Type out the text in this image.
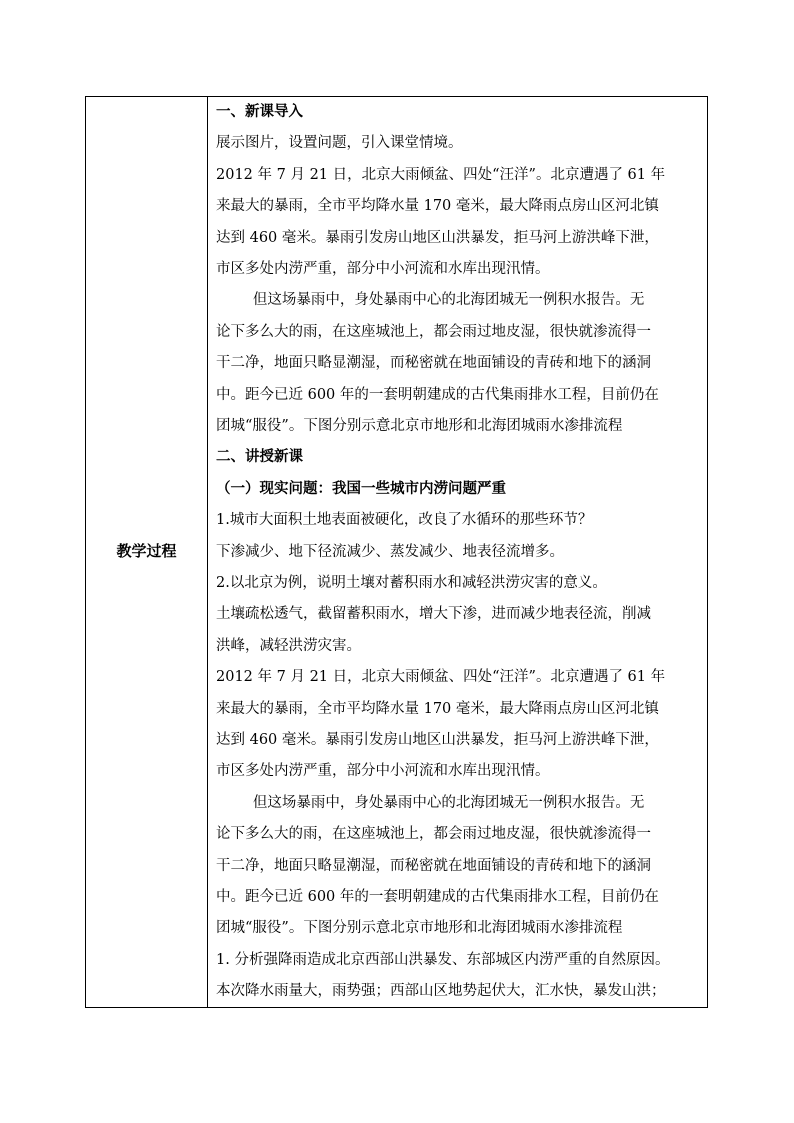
教学过程
一、新课导入
展示图片，设置问题，引入课堂情境。
2012 年 7 月 21 日，北京大雨倾盆、四处“汪洋”。北京遭遇了 61 年
来最大的暴雨，全市平均降水量 170 毫米，最大降雨点房山区河北镇
达到 460 毫米。暴雨引发房山地区山洪暴发，拒马河上游洪峰下泄，
市区多处内涝严重，部分中小河流和水库出现汛情。
但这场暴雨中，身处暴雨中心的北海团城无一例积水报告。无
论下多么大的雨，在这座城池上，都会雨过地皮湿，很快就渗流得一
干二净，地面只略显潮湿，而秘密就在地面铺设的青砖和地下的涵洞
中。距今已近 600 年的一套明朝建成的古代集雨排水工程，目前仍在
团城“服役”。下图分别示意北京市地形和北海团城雨水渗排流程
二、讲授新课
（一）现实问题：我国一些城市内涝问题严重
1.城市大面积土地表面被硬化，改良了水循环的那些环节？
下渗减少、地下径流减少、蒸发减少、地表径流增多。
2.以北京为例，说明土壤对蓄积雨水和减轻洪涝灾害的意义。
土壤疏松透气，截留蓄积雨水，增大下渗，进而减少地表径流，削减
洪峰，减轻洪涝灾害。
2012 年 7 月 21 日，北京大雨倾盆、四处“汪洋”。北京遭遇了 61 年
来最大的暴雨，全市平均降水量 170 毫米，最大降雨点房山区河北镇
达到 460 毫米。暴雨引发房山地区山洪暴发，拒马河上游洪峰下泄，
市区多处内涝严重，部分中小河流和水库出现汛情。
但这场暴雨中，身处暴雨中心的北海团城无一例积水报告。无
论下多么大的雨，在这座城池上，都会雨过地皮湿，很快就渗流得一
干二净，地面只略显潮湿，而秘密就在地面铺设的青砖和地下的涵洞
中。距今已近 600 年的一套明朝建成的古代集雨排水工程，目前仍在
团城“服役”。下图分别示意北京市地形和北海团城雨水渗排流程
1. 分析强降雨造成北京西部山洪暴发、东部城区内涝严重的自然原因。
本次降水雨量大，雨势强；西部山区地势起伏大，汇水快，暴发山洪；
